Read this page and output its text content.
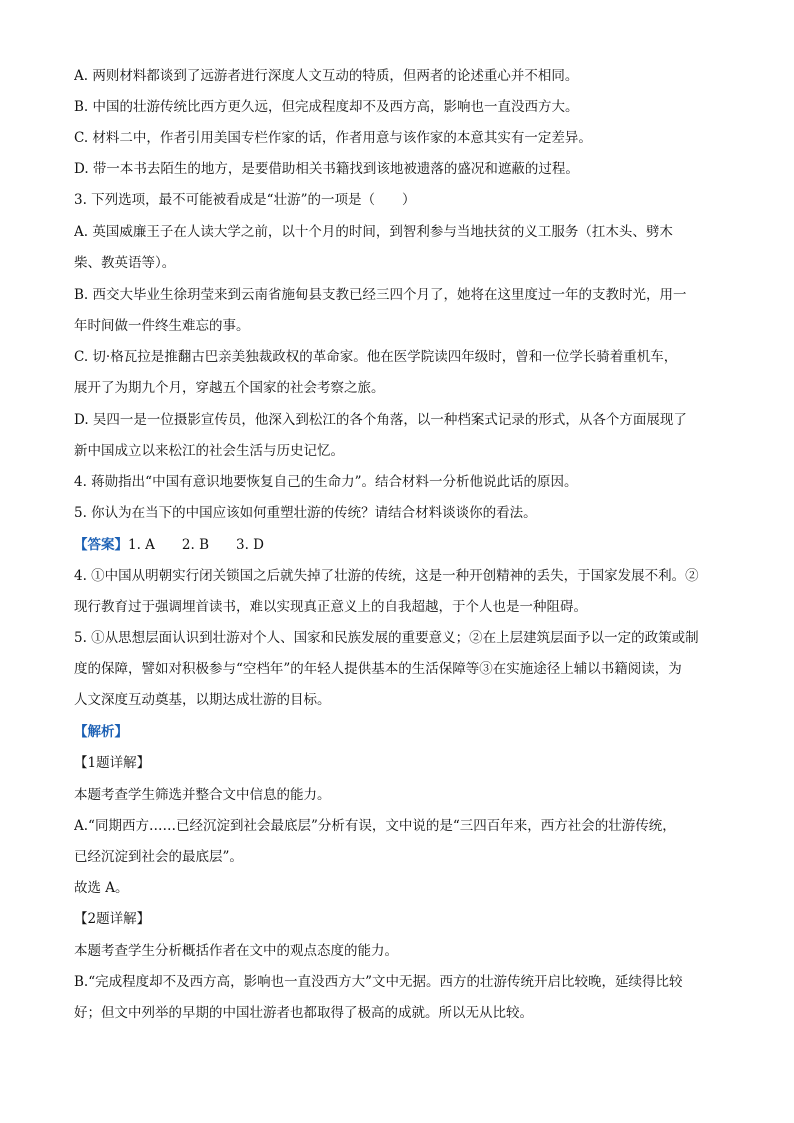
A. 两则材料都谈到了远游者进行深度人文互动的特质，但两者的论述重心并不相同。
B. 中国的壮游传统比西方更久远，但完成程度却不及西方高，影响也一直没西方大。
C. 材料二中，作者引用美国专栏作家的话，作者用意与该作家的本意其实有一定差异。
D. 带一本书去陌生的地方，是要借助相关书籍找到该地被遗落的盛况和遮蔽的过程。
3. 下列选项，最不可能被看成是“壮游”的一项是（　　）
A. 英国威廉王子在人读大学之前，以十个月的时间，到智利参与当地扶贫的义工服务（扛木头、劈木
柴、教英语等）。
B. 西交大毕业生徐玥莹来到云南省施甸县支教已经三四个月了，她将在这里度过一年的支教时光，用一
年时间做一件终生难忘的事。
C. 切·格瓦拉是推翻古巴亲美独裁政权的革命家。他在医学院读四年级时，曾和一位学长骑着重机车，
展开了为期九个月，穿越五个国家的社会考察之旅。
D. 吴四一是一位摄影宣传员，他深入到松江的各个角落，以一种档案式记录的形式，从各个方面展现了
新中国成立以来松江的社会生活与历史记忆。
4. 蒋勋指出“中国有意识地要恢复自己的生命力”。结合材料一分析他说此话的原因。
5. 你认为在当下的中国应该如何重塑壮游的传统？请结合材料谈谈你的看法。
【答案】1. A　　2. B　　3. D
4. ①中国从明朝实行闭关锁国之后就失掉了壮游的传统，这是一种开创精神的丢失，于国家发展不利。②
现行教育过于强调埋首读书，难以实现真正意义上的自我超越，于个人也是一种阻碍。
5. ①从思想层面认识到壮游对个人、国家和民族发展的重要意义；②在上层建筑层面予以一定的政策或制
度的保障，譬如对积极参与“空档年”的年轻人提供基本的生活保障等③在实施途径上辅以书籍阅读，为
人文深度互动奠基，以期达成壮游的目标。
【解析】
【1题详解】
本题考查学生筛选并整合文中信息的能力。
A.“同期西方……已经沉淀到社会最底层”分析有误，文中说的是“三四百年来，西方社会的壮游传统，
已经沉淀到社会的最底层”。
故选 A。
【2题详解】
本题考查学生分析概括作者在文中的观点态度的能力。
B.“完成程度却不及西方高，影响也一直没西方大”文中无据。西方的壮游传统开启比较晚，延续得比较
好；但文中列举的早期的中国壮游者也都取得了极高的成就。所以无从比较。
